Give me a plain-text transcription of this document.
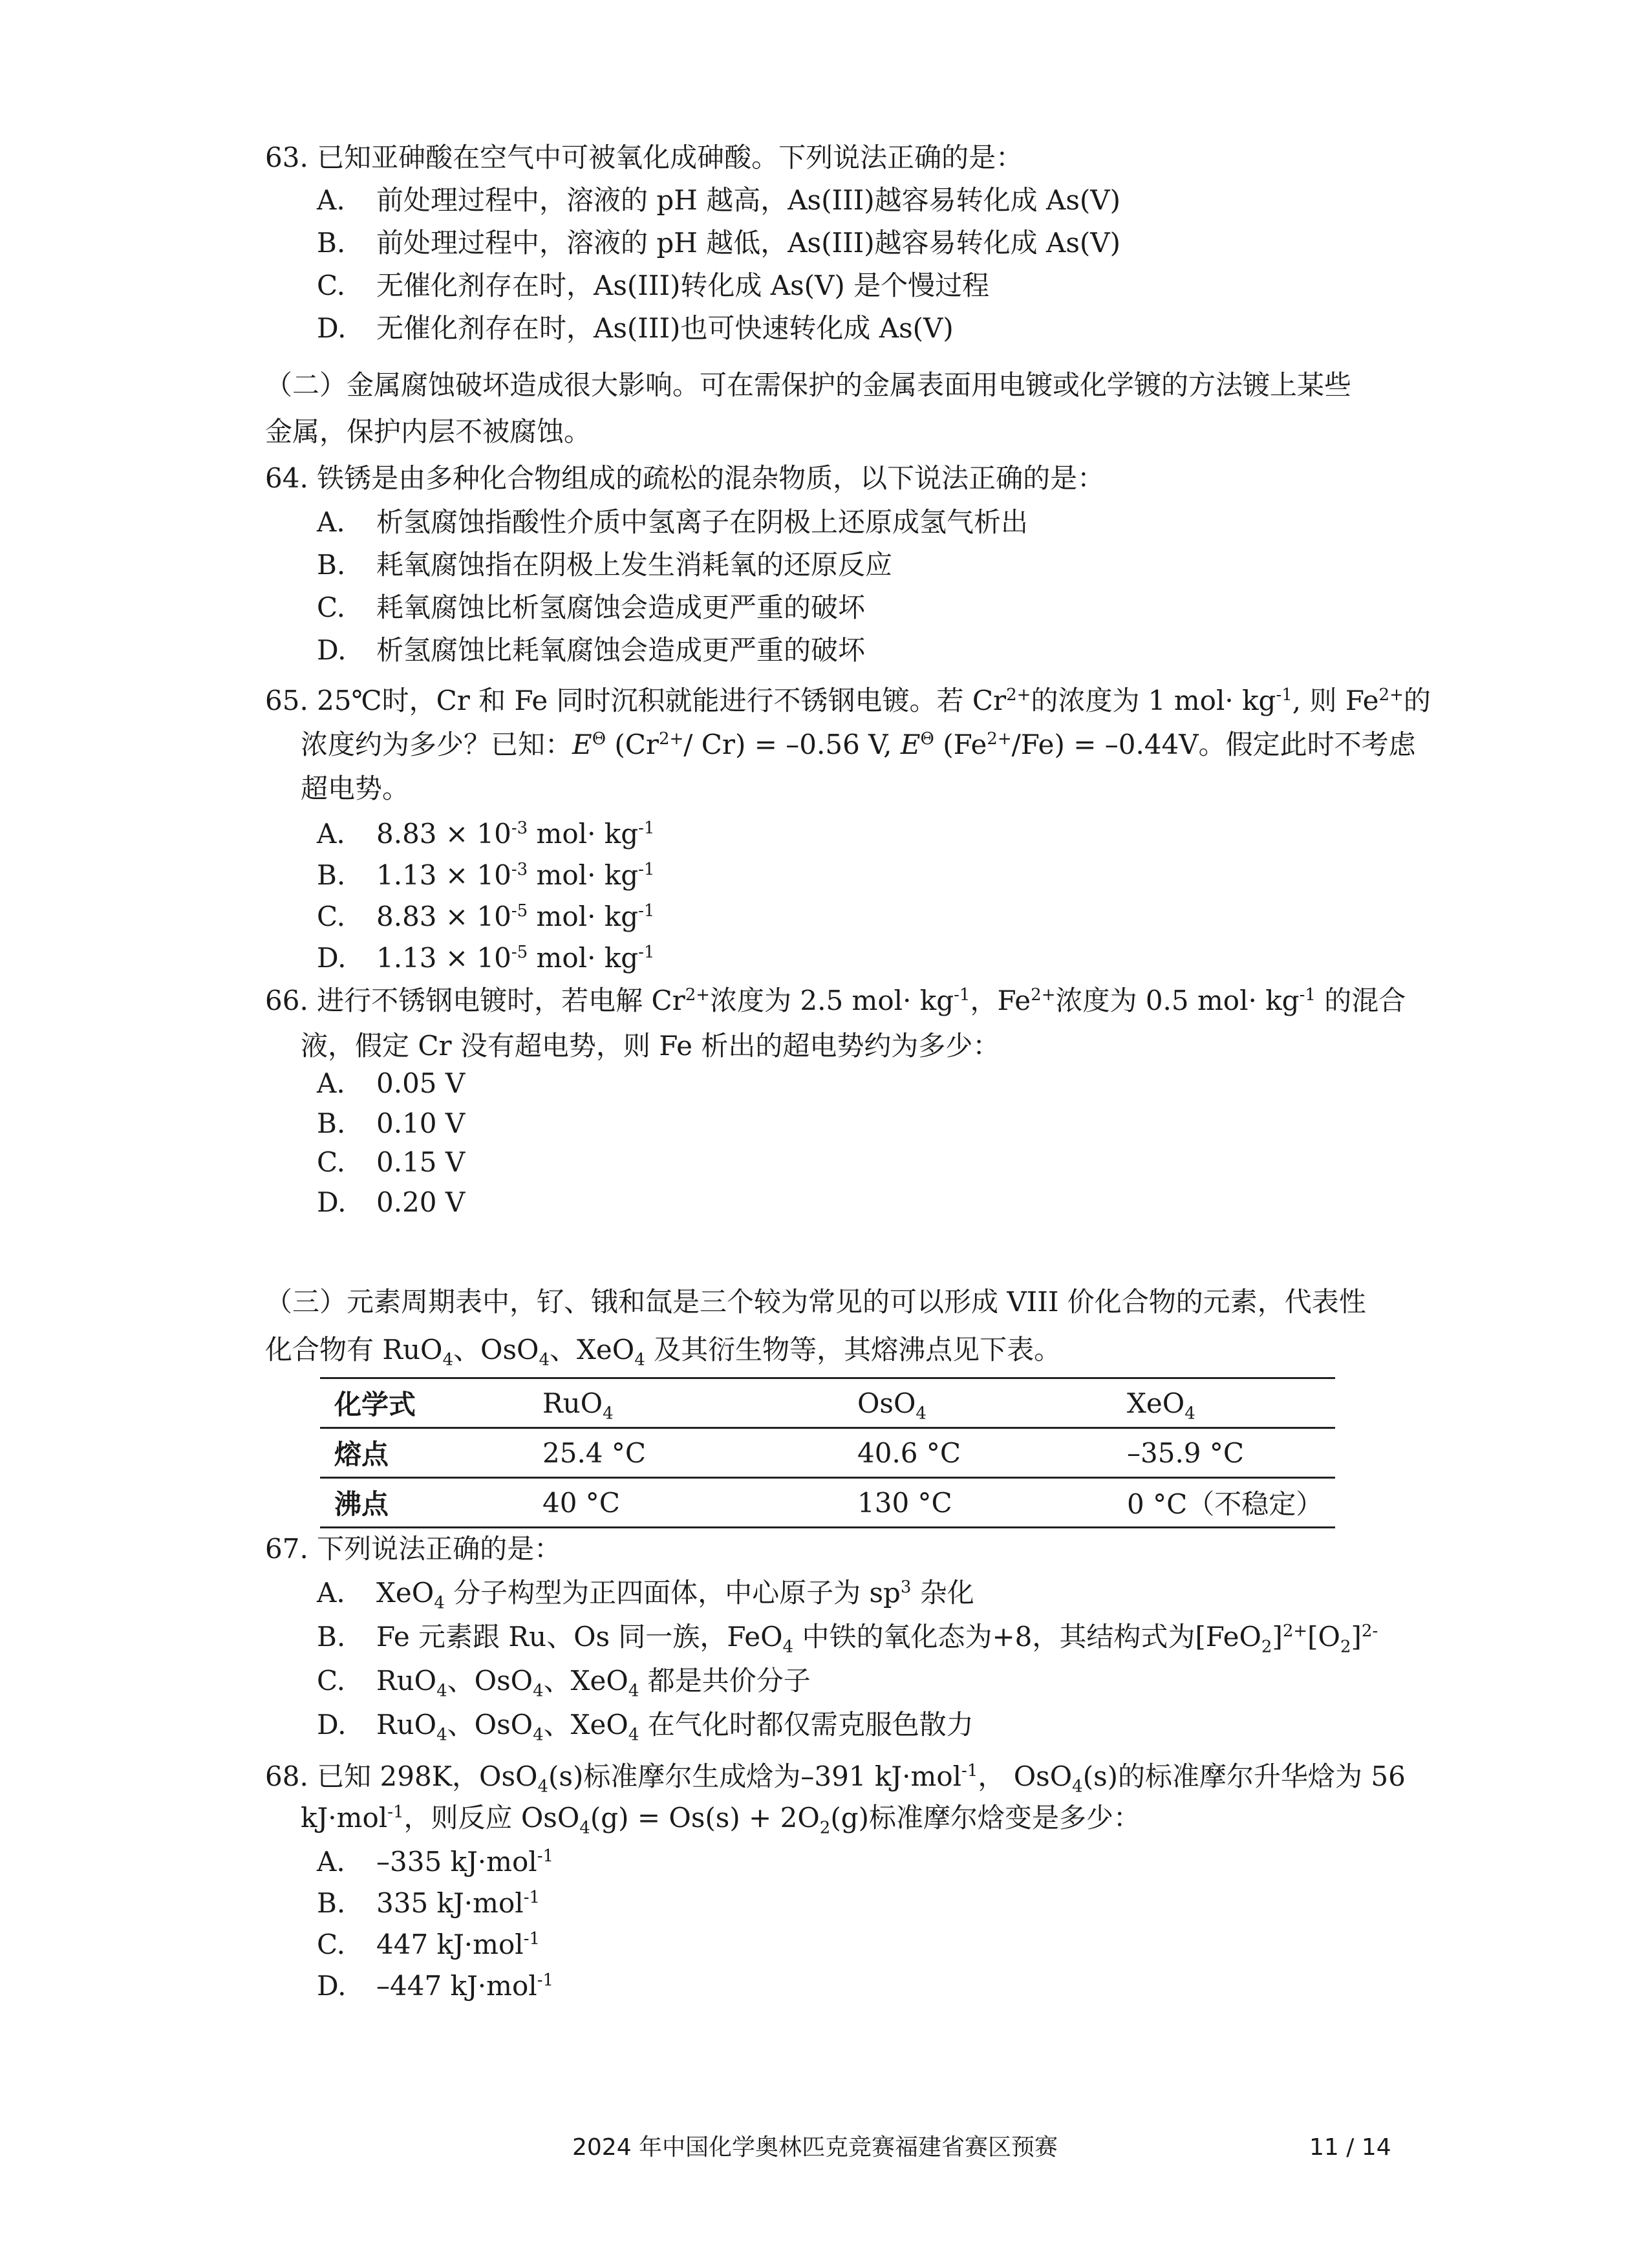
63. 已知亚砷酸在空气中可被氧化成砷酸。下列说法正确的是：
A. 前处理过程中，溶液的 pH 越高，As(III)越容易转化成 As(V)
B. 前处理过程中，溶液的 pH 越低，As(III)越容易转化成 As(V)
C. 无催化剂存在时，As(III)转化成 As(V) 是个慢过程
D. 无催化剂存在时，As(III)也可快速转化成 As(V)
（二）金属腐蚀破坏造成很大影响。可在需保护的金属表面用电镀或化学镀的方法镀上某些
金属，保护内层不被腐蚀。
64. 铁锈是由多种化合物组成的疏松的混杂物质，以下说法正确的是：
A. 析氢腐蚀指酸性介质中氢离子在阴极上还原成氢气析出
B. 耗氧腐蚀指在阴极上发生消耗氧的还原反应
C. 耗氧腐蚀比析氢腐蚀会造成更严重的破坏
D. 析氢腐蚀比耗氧腐蚀会造成更严重的破坏
65. 25℃时，Cr 和 Fe 同时沉积就能进行不锈钢电镀。若 $Cr^{2+}$的浓度为 1 $mol\cdot kg^{-1}$, 则 $Fe^{2+}$的
浓度约为多少？已知：$E^\Theta$ ($Cr^{2+}/$ Cr) = –0.56 V, $E^\Theta$ $(Fe^{2+}/Fe) = -0.44V$。假定此时不考虑
超电势。
A. $8.83 \times 10^{-3}$ $mol\cdot kg^{-1}$
B. $1.13 \times 10^{-3}$ $mol\cdot kg^{-1}$
C. $8.83 \times 10^{-5}$ $mol\cdot kg^{-1}$
D. $1.13 \times 10^{-5}$ $mol\cdot kg^{-1}$
66. 进行不锈钢电镀时，若电解 $Cr^{2+}$浓度为 2.5 $mol\cdot kg^{-1}$，$Fe^{2+}$浓度为 0.5 $mol\cdot kg^{-1}$ 的混合
液，假定 Cr 没有超电势，则 Fe 析出的超电势约为多少：
A. 0.05 V
B. 0.10 V
C. 0.15 V
D. 0.20 V
（三）元素周期表中，钌、锇和氙是三个较为常见的可以形成 VIII 价化合物的元素，代表性
化合物有 RuO$_4$、OsO$_4$、XeO$_4$ 及其衍生物等，其熔沸点见下表。
化学式	RuO$_4$	OsO$_4$	XeO$_4$
熔点	25.4 °C	40.6 °C	–35.9 °C
沸点	40 °C	130 °C	0 °C（不稳定）
67. 下列说法正确的是：
A. XeO$_4$ 分子构型为正四面体，中心原子为 $sp^3$ 杂化
B. Fe 元素跟 Ru、Os 同一族，FeO$_4$ 中铁的氧化态为+8，其结构式为$[FeO_2]^{2+}[O_2]^{2-}$
C. RuO$_4$、OsO$_4$、XeO$_4$ 都是共价分子
D. RuO$_4$、OsO$_4$、XeO$_4$ 在气化时都仅需克服色散力
68. 已知 298K，OsO$_4$(s)标准摩尔生成焓为–391 kJ·mol$^{-1}$， OsO$_4$(s)的标准摩尔升华焓为 56
kJ·mol$^{-1}$，则反应 $OsO_4(g) = Os(s) + 2O_2(g)$标准摩尔焓变是多少：
A. –335 kJ·mol$^{-1}$
B. 335 kJ·mol$^{-1}$
C. 447 kJ·mol$^{-1}$
D. –447 kJ·mol$^{-1}$
2024 年中国化学奥林匹克竞赛福建省赛区预赛	11 / 14
